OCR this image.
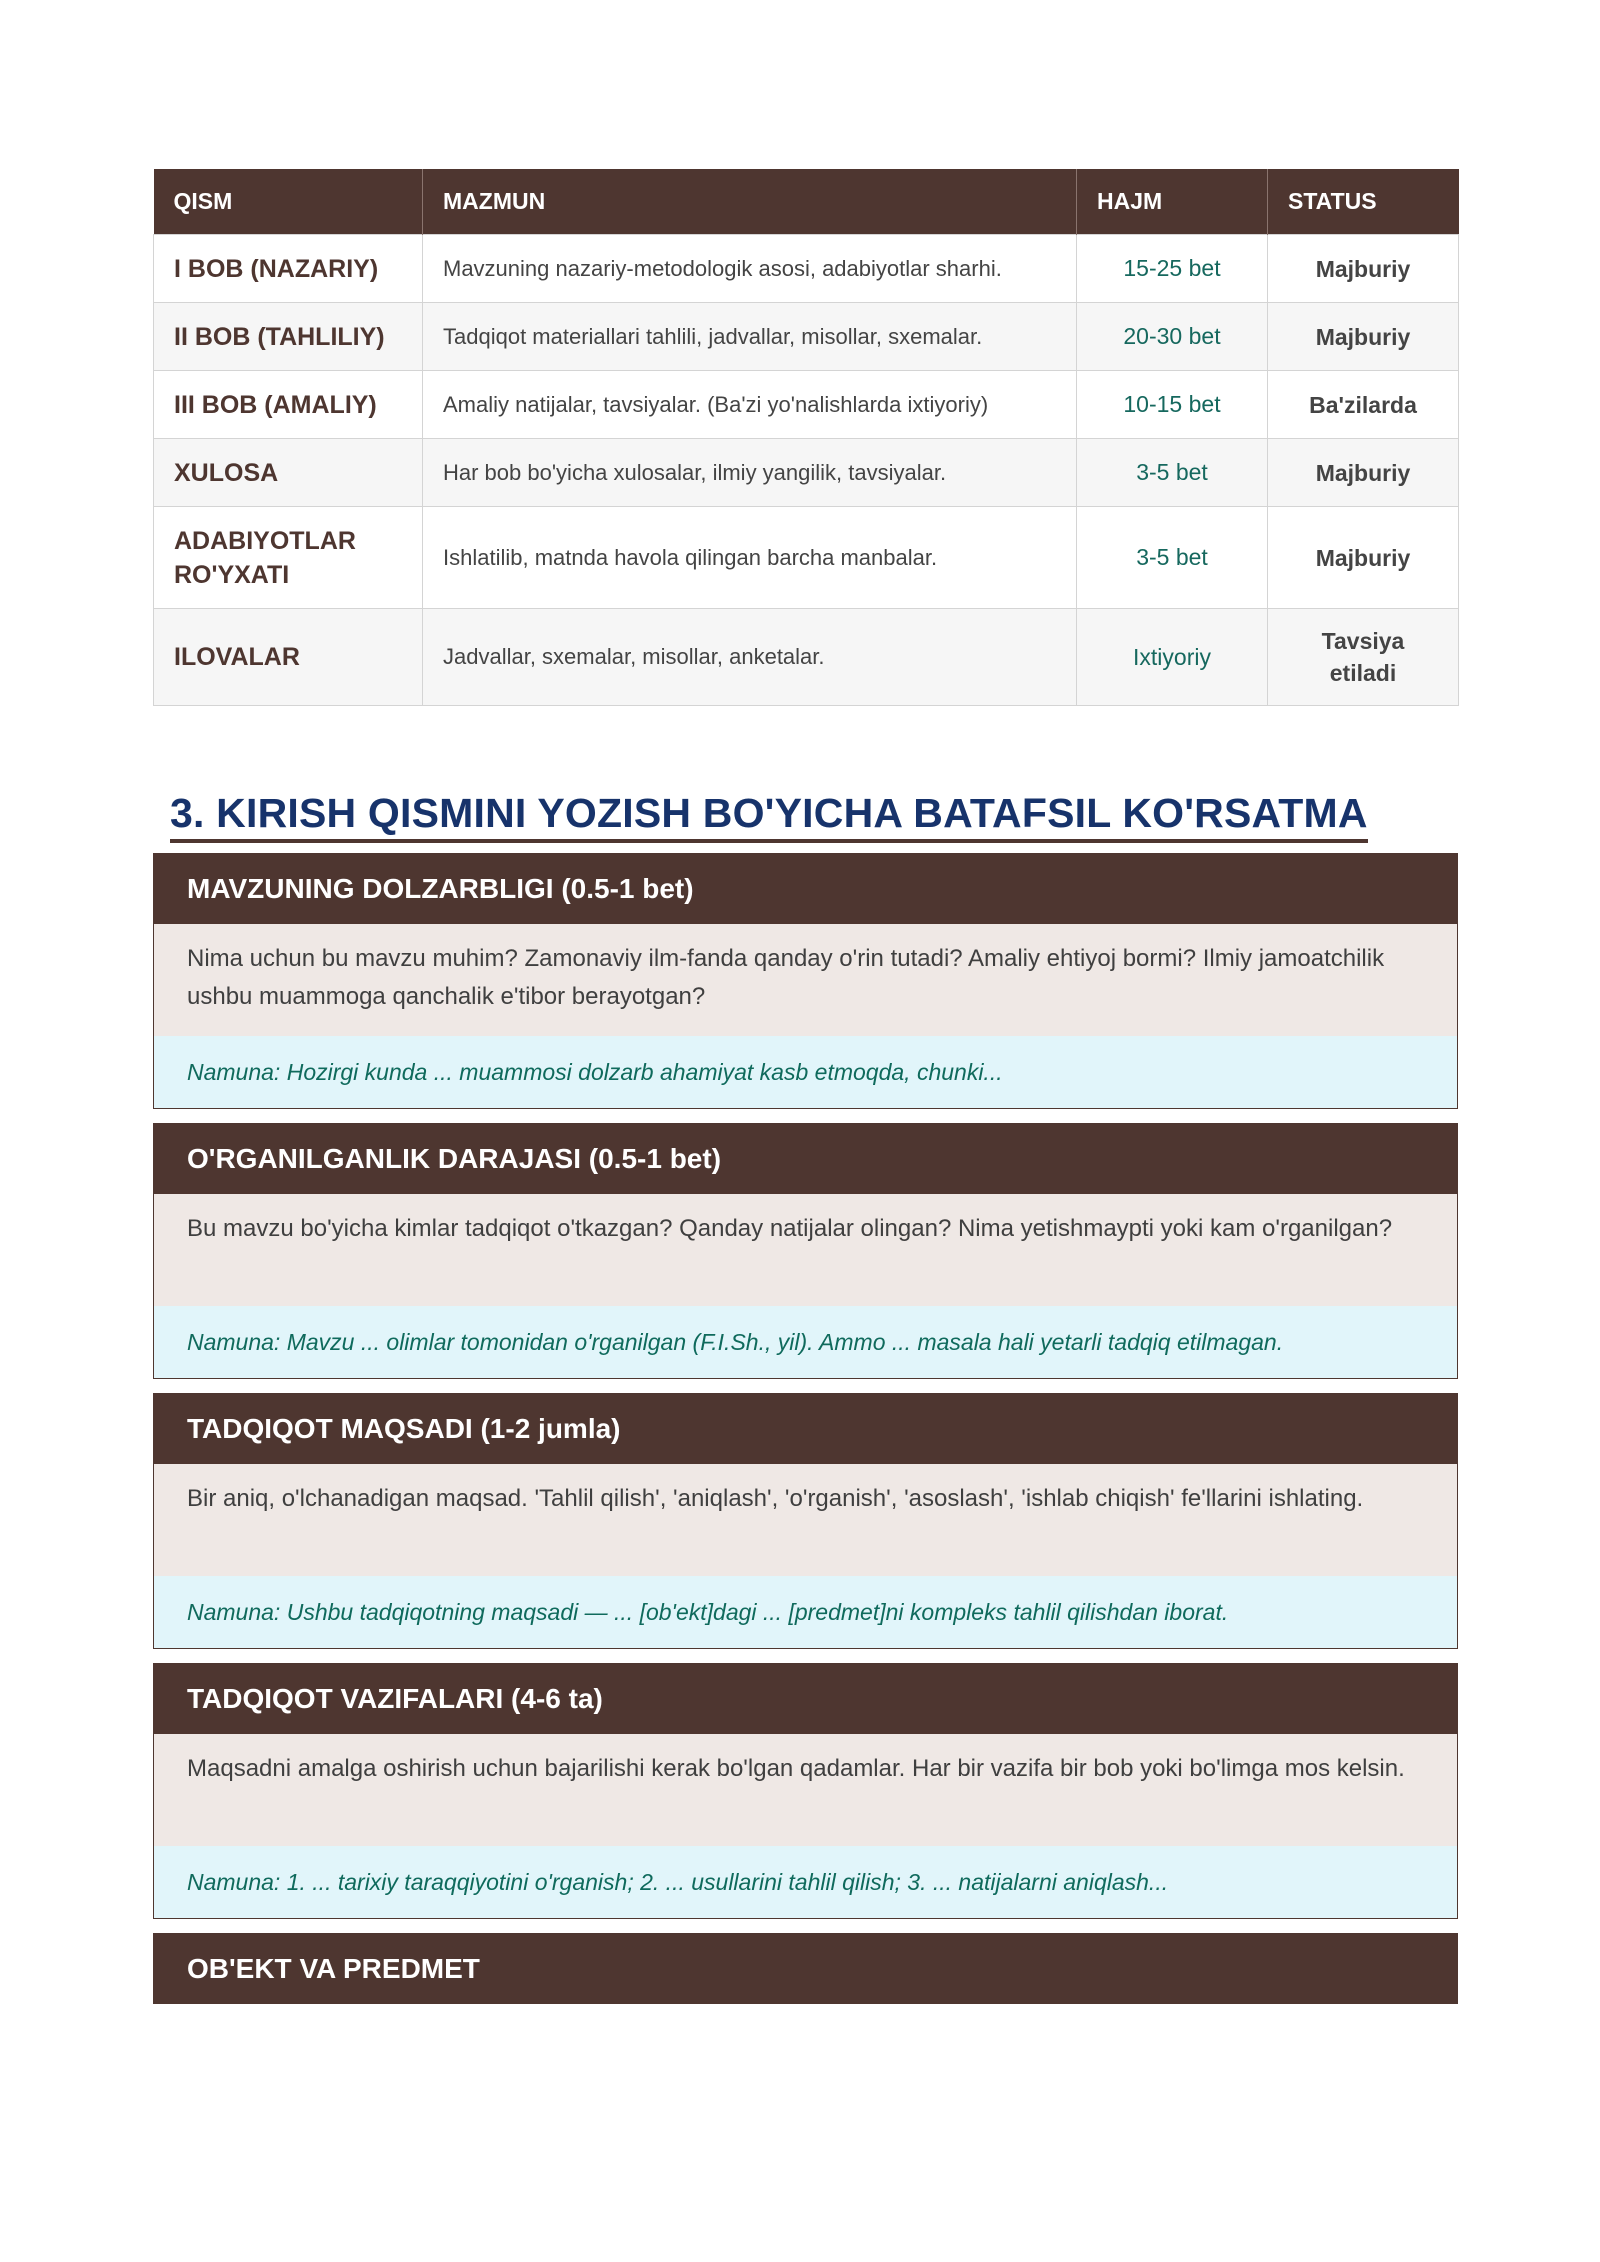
QISM	MAZMUN	HAJM	STATUS
I BOB (NAZARIY)	Mavzuning nazariy-metodologik asosi, adabiyotlar sharhi.	15-25 bet	Majburiy
II BOB (TAHLILIY)	Tadqiqot materiallari tahlili, jadvallar, misollar, sxemalar.	20-30 bet	Majburiy
III BOB (AMALIY)	Amaliy natijalar, tavsiyalar. (Ba'zi yo'nalishlarda ixtiyoriy)	10-15 bet	Ba'zilarda
XULOSA	Har bob bo'yicha xulosalar, ilmiy yangilik, tavsiyalar.	3-5 bet	Majburiy
ADABIYOTLAR RO'YXATI	Ishlatilib, matnda havola qilingan barcha manbalar.	3-5 bet	Majburiy
ILOVALAR	Jadvallar, sxemalar, misollar, anketalar.	Ixtiyoriy	Tavsiya etiladi
3. KIRISH QISMINI YOZISH BO'YICHA BATAFSIL KO'RSATMA
MAVZUNING DOLZARBLIGI (0.5-1 bet)
Nima uchun bu mavzu muhim? Zamonaviy ilm-fanda qanday o'rin tutadi? Amaliy ehtiyoj bormi? Ilmiy jamoatchilik ushbu muammoga qanchalik e'tibor berayotgan?
Namuna: Hozirgi kunda ... muammosi dolzarb ahamiyat kasb etmoqda, chunki...
O'RGANILGANLIK DARAJASI (0.5-1 bet)
Bu mavzu bo'yicha kimlar tadqiqot o'tkazgan? Qanday natijalar olingan? Nima yetishmaypti yoki kam o'rganilgan?
Namuna: Mavzu ... olimlar tomonidan o'rganilgan (F.I.Sh., yil). Ammo ... masala hali yetarli tadqiq etilmagan.
TADQIQOT MAQSADI (1-2 jumla)
Bir aniq, o'lchanadigan maqsad. 'Tahlil qilish', 'aniqlash', 'o'rganish', 'asoslash', 'ishlab chiqish' fe'llarini ishlating.
Namuna: Ushbu tadqiqotning maqsadi — ... [ob'ekt]dagi ... [predmet]ni kompleks tahlil qilishdan iborat.
TADQIQOT VAZIFALARI (4-6 ta)
Maqsadni amalga oshirish uchun bajarilishi kerak bo'lgan qadamlar. Har bir vazifa bir bob yoki bo'limga mos kelsin.
Namuna: 1. ... tarixiy taraqqiyotini o'rganish; 2. ... usullarini tahlil qilish; 3. ... natijalarni aniqlash...
OB'EKT VA PREDMET
